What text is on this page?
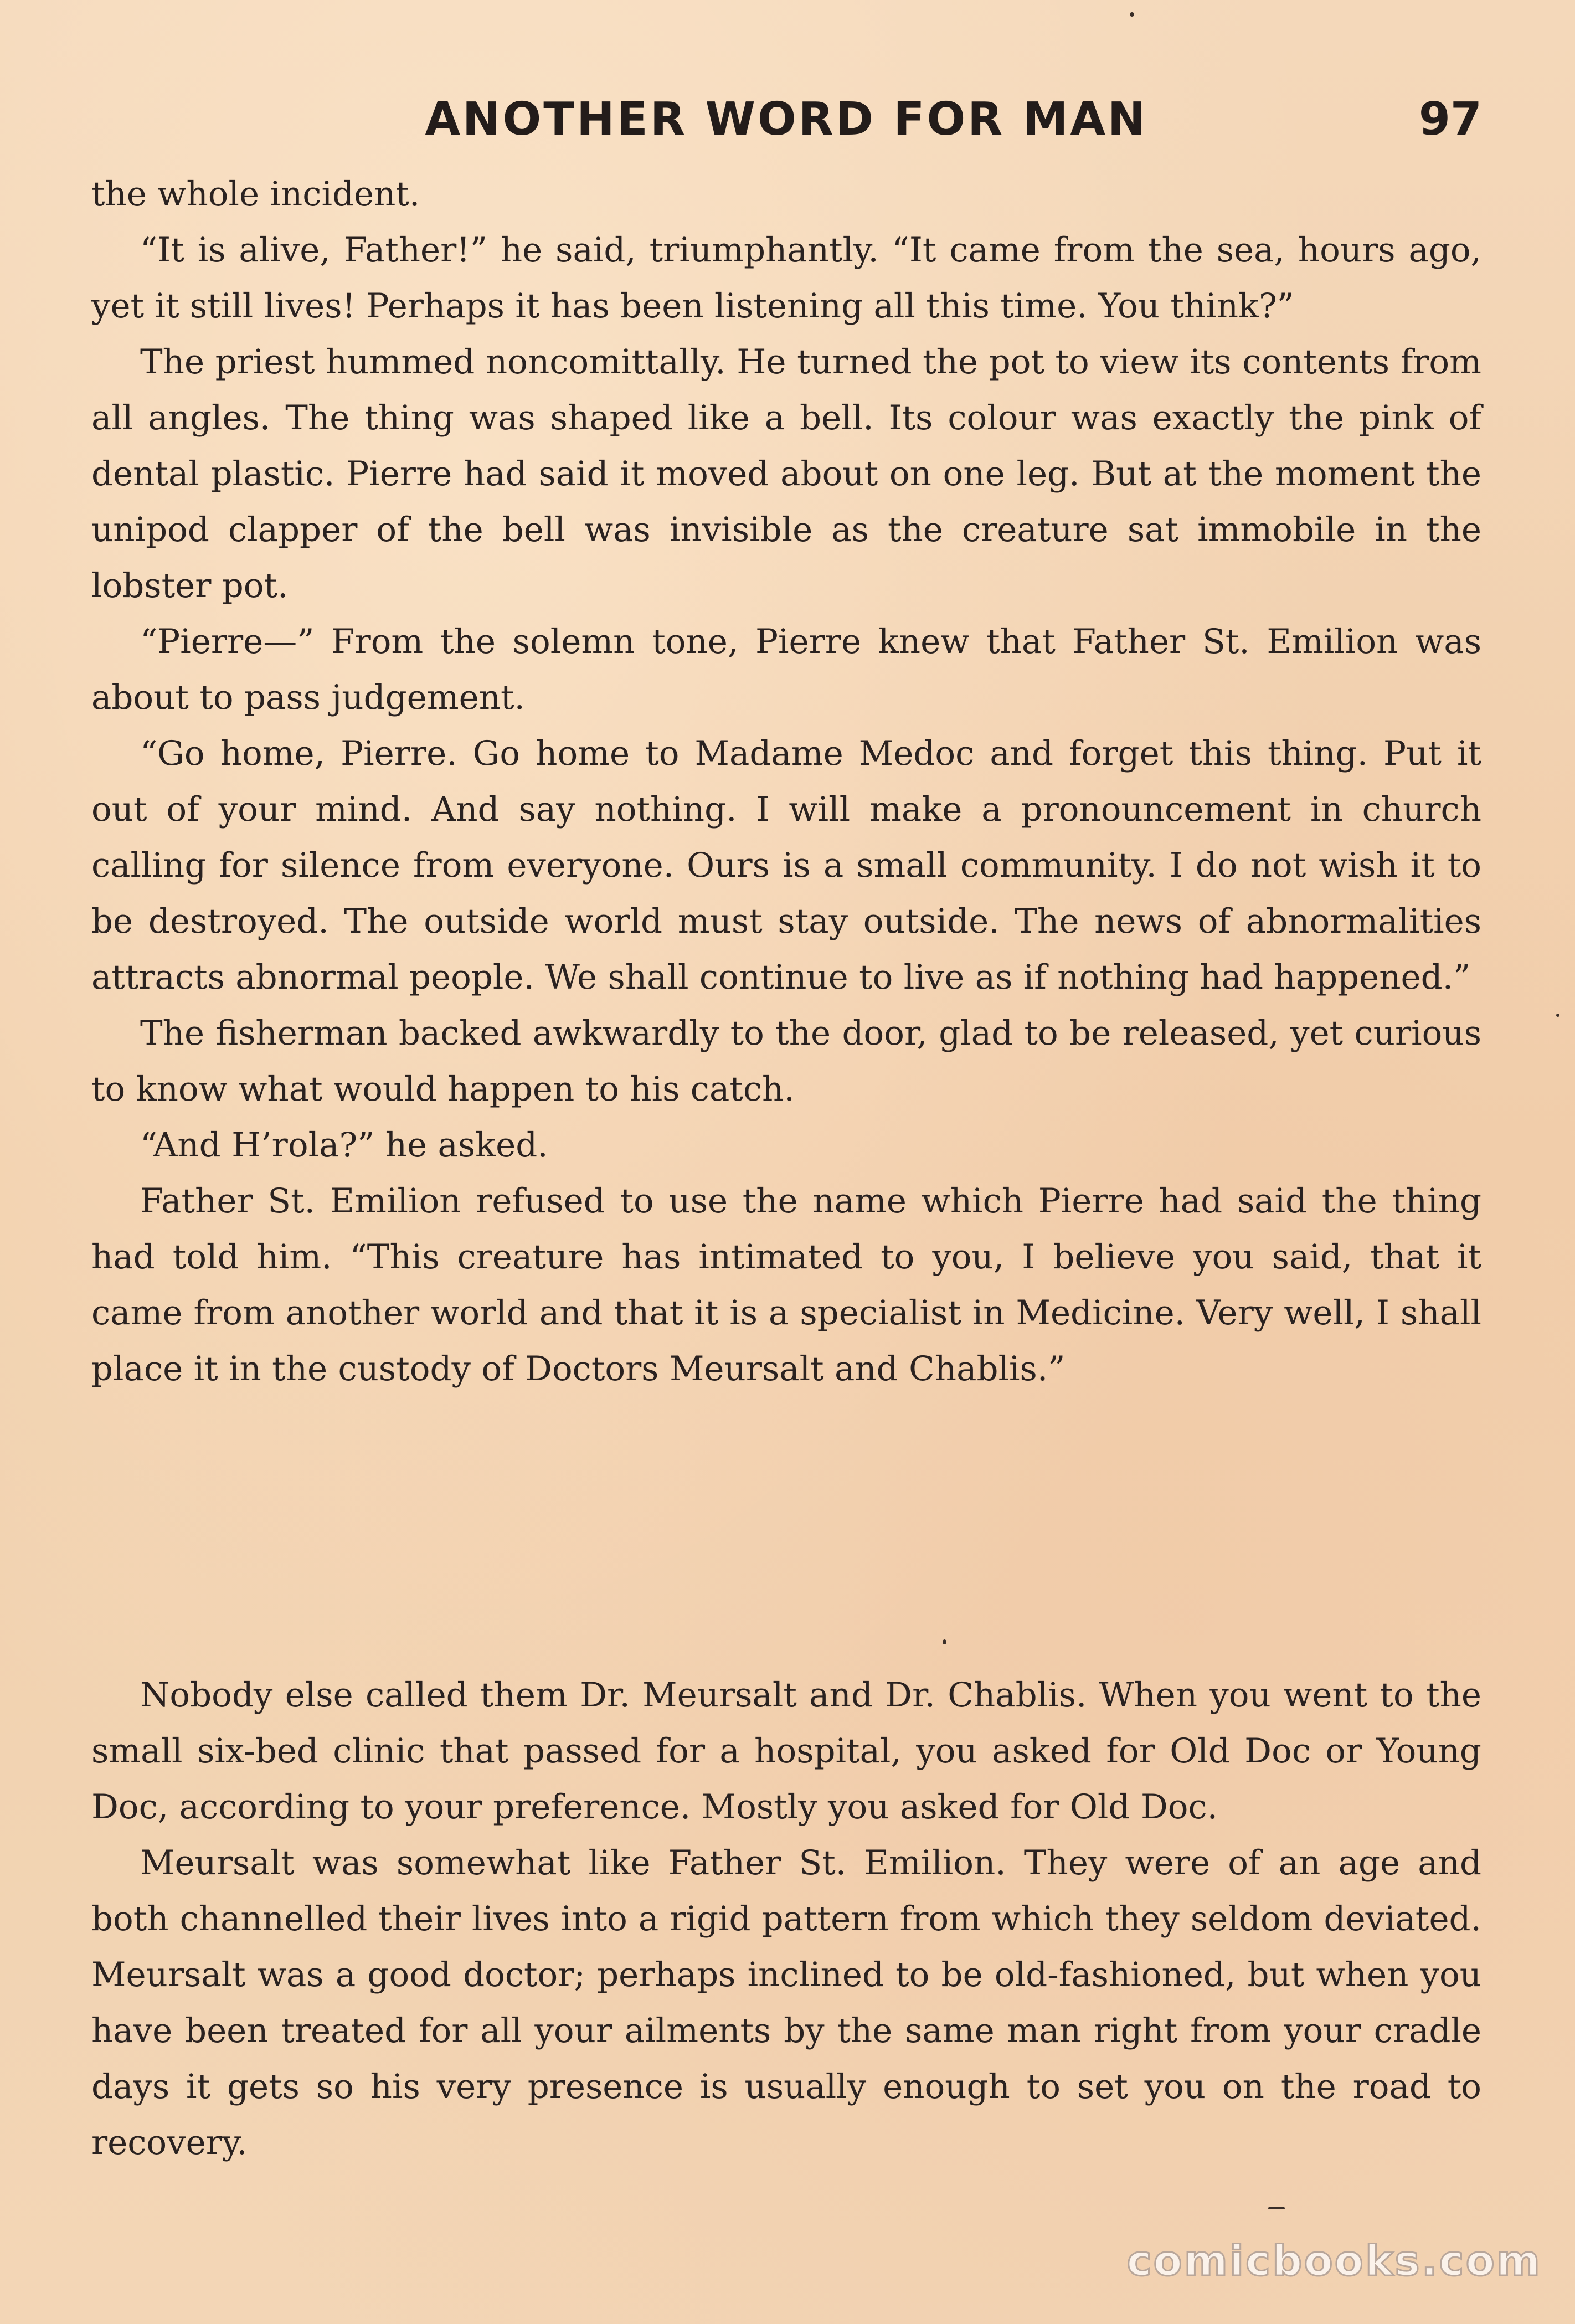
ANOTHER WORD FOR MAN	97

the whole incident.

“It is alive, Father!” he said, triumphantly. “It came from the sea, hours ago, yet it still lives! Perhaps it has been listening all this time. You think?”

The priest hummed noncomittally. He turned the pot to view its contents from all angles. The thing was shaped like a bell. Its colour was exactly the pink of dental plastic. Pierre had said it moved about on one leg. But at the moment the unipod clapper of the bell was invisible as the creature sat immobile in the lobster pot.

“Pierre—” From the solemn tone, Pierre knew that Father St. Emilion was about to pass judgement.

“Go home, Pierre. Go home to Madame Medoc and forget this thing. Put it out of your mind. And say nothing. I will make a pronouncement in church calling for silence from everyone. Ours is a small community. I do not wish it to be destroyed. The outside world must stay outside. The news of abnormalities attracts abnormal people. We shall continue to live as if nothing had happened.”

The fisherman backed awkwardly to the door, glad to be released, yet curious to know what would happen to his catch.

“And H’rola?” he asked.

Father St. Emilion refused to use the name which Pierre had said the thing had told him. “This creature has intimated to you, I believe you said, that it came from another world and that it is a specialist in Medicine. Very well, I shall place it in the custody of Doctors Meursalt and Chablis.”

Nobody else called them Dr. Meursalt and Dr. Chablis. When you went to the small six-bed clinic that passed for a hospital, you asked for Old Doc or Young Doc, according to your preference. Mostly you asked for Old Doc.

Meursalt was somewhat like Father St. Emilion. They were of an age and both channelled their lives into a rigid pattern from which they seldom deviated. Meursalt was a good doctor; perhaps inclined to be old-fashioned, but when you have been treated for all your ailments by the same man right from your cradle days it gets so his very presence is usually enough to set you on the road to recovery.

comicbooks.com
